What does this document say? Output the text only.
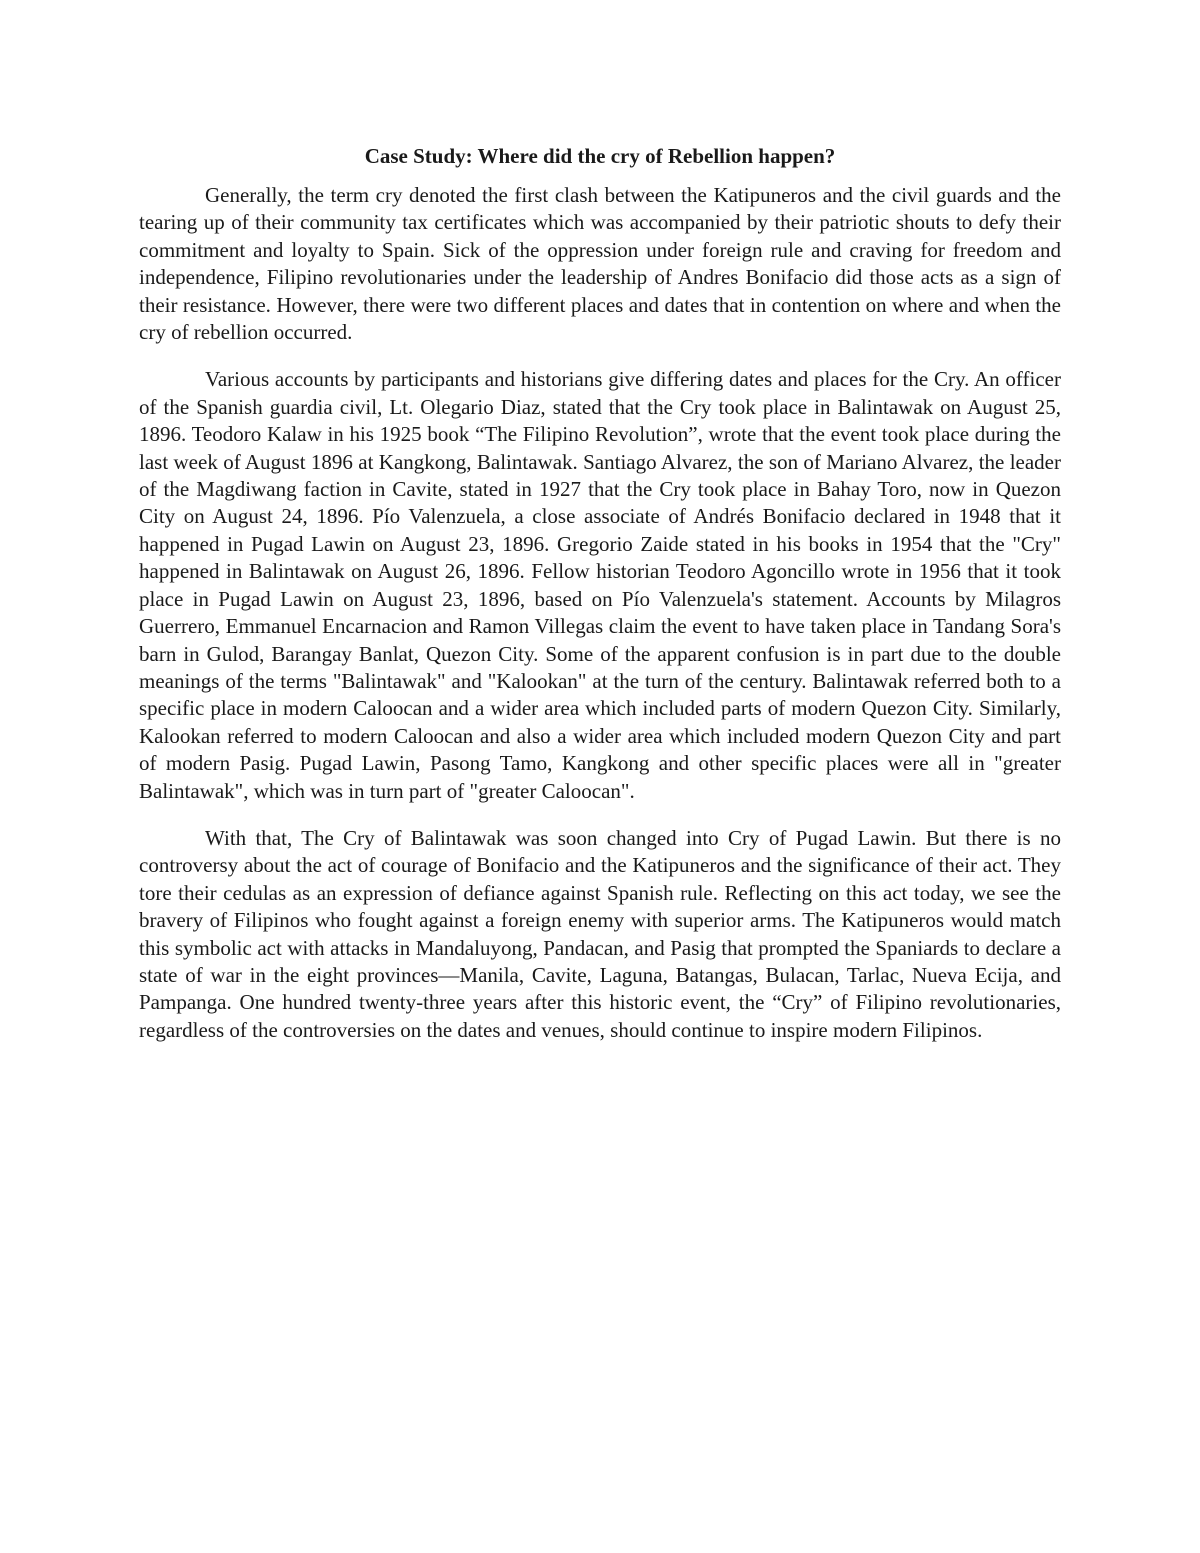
Case Study: Where did the cry of Rebellion happen?

Generally, the term cry denoted the first clash between the Katipuneros and the civil guards and the tearing up of their community tax certificates which was accompanied by their patriotic shouts to defy their commitment and loyalty to Spain. Sick of the oppression under foreign rule and craving for freedom and independence, Filipino revolutionaries under the leadership of Andres Bonifacio did those acts as a sign of their resistance. However, there were two different places and dates that in contention on where and when the cry of rebellion occurred.

Various accounts by participants and historians give differing dates and places for the Cry. An officer of the Spanish guardia civil, Lt. Olegario Diaz, stated that the Cry took place in Balintawak on August 25, 1896. Teodoro Kalaw in his 1925 book “The Filipino Revolution”, wrote that the event took place during the last week of August 1896 at Kangkong, Balintawak. Santiago Alvarez, the son of Mariano Alvarez, the leader of the Magdiwang faction in Cavite, stated in 1927 that the Cry took place in Bahay Toro, now in Quezon City on August 24, 1896. Pío Valenzuela, a close associate of Andrés Bonifacio declared in 1948 that it happened in Pugad Lawin on August 23, 1896. Gregorio Zaide stated in his books in 1954 that the "Cry" happened in Balintawak on August 26, 1896. Fellow historian Teodoro Agoncillo wrote in 1956 that it took place in Pugad Lawin on August 23, 1896, based on Pío Valenzuela's statement. Accounts by Milagros Guerrero, Emmanuel Encarnacion and Ramon Villegas claim the event to have taken place in Tandang Sora's barn in Gulod, Barangay Banlat, Quezon City. Some of the apparent confusion is in part due to the double meanings of the terms "Balintawak" and "Kalookan" at the turn of the century. Balintawak referred both to a specific place in modern Caloocan and a wider area which included parts of modern Quezon City. Similarly, Kalookan referred to modern Caloocan and also a wider area which included modern Quezon City and part of modern Pasig. Pugad Lawin, Pasong Tamo, Kangkong and other specific places were all in "greater Balintawak", which was in turn part of "greater Caloocan".

With that, The Cry of Balintawak was soon changed into Cry of Pugad Lawin. But there is no controversy about the act of courage of Bonifacio and the Katipuneros and the significance of their act. They tore their cedulas as an expression of defiance against Spanish rule. Reflecting on this act today, we see the bravery of Filipinos who fought against a foreign enemy with superior arms. The Katipuneros would match this symbolic act with attacks in Mandaluyong, Pandacan, and Pasig that prompted the Spaniards to declare a state of war in the eight provinces—Manila, Cavite, Laguna, Batangas, Bulacan, Tarlac, Nueva Ecija, and Pampanga. One hundred twenty-three years after this historic event, the “Cry” of Filipino revolutionaries, regardless of the controversies on the dates and venues, should continue to inspire modern Filipinos.
